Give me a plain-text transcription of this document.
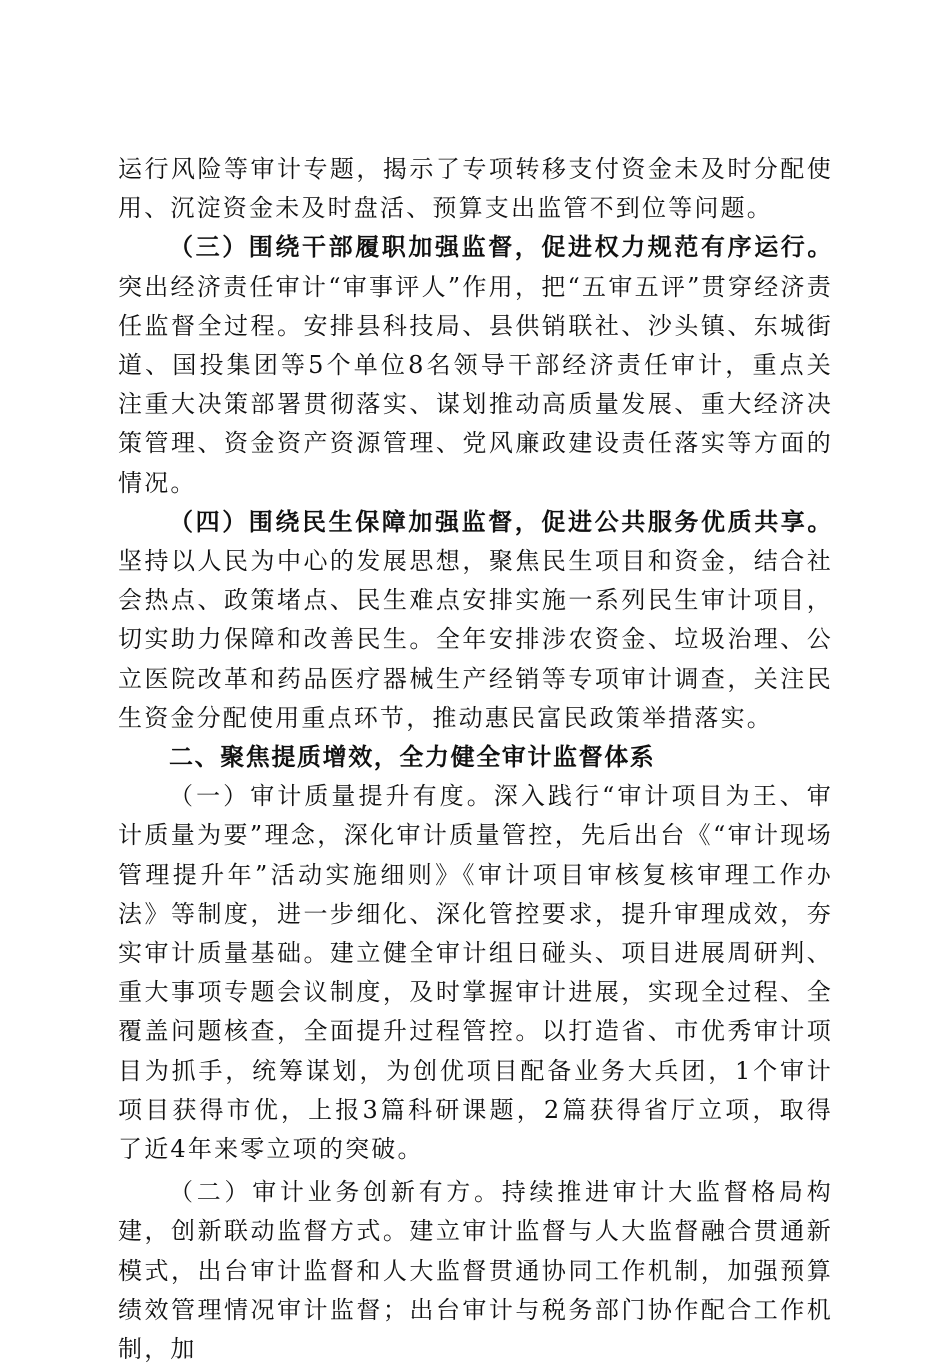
运行风险等审计专题，揭示了专项转移支付资金未及时分配使用、沉淀资金未及时盘活、预算支出监管不到位等问题。

（三）围绕干部履职加强监督，促进权力规范有序运行。突出经济责任审计“审事评人”作用，把“五审五评”贯穿经济责任监督全过程。安排县科技局、县供销联社、沙头镇、东城街道、国投集团等5个单位8名领导干部经济责任审计，重点关注重大决策部署贯彻落实、谋划推动高质量发展、重大经济决策管理、资金资产资源管理、党风廉政建设责任落实等方面的情况。

（四）围绕民生保障加强监督，促进公共服务优质共享。坚持以人民为中心的发展思想，聚焦民生项目和资金，结合社会热点、政策堵点、民生难点安排实施一系列民生审计项目，切实助力保障和改善民生。全年安排涉农资金、垃圾治理、公立医院改革和药品医疗器械生产经销等专项审计调查，关注民生资金分配使用重点环节，推动惠民富民政策举措落实。

二、聚焦提质增效，全力健全审计监督体系

（一）审计质量提升有度。深入践行“审计项目为王、审计质量为要”理念，深化审计质量管控，先后出台《“审计现场管理提升年”活动实施细则》《审计项目审核复核审理工作办法》等制度，进一步细化、深化管控要求，提升审理成效，夯实审计质量基础。建立健全审计组日碰头、项目进展周研判、重大事项专题会议制度，及时掌握审计进展，实现全过程、全覆盖问题核查，全面提升过程管控。以打造省、市优秀审计项目为抓手，统筹谋划，为创优项目配备业务大兵团，1个审计项目获得市优，上报3篇科研课题，2篇获得省厅立项，取得了近4年来零立项的突破。

（二）审计业务创新有方。持续推进审计大监督格局构建，创新联动监督方式。建立审计监督与人大监督融合贯通新模式，出台审计监督和人大监督贯通协同工作机制，加强预算绩效管理情况审计监督；出台审计与税务部门协作配合工作机制，加
